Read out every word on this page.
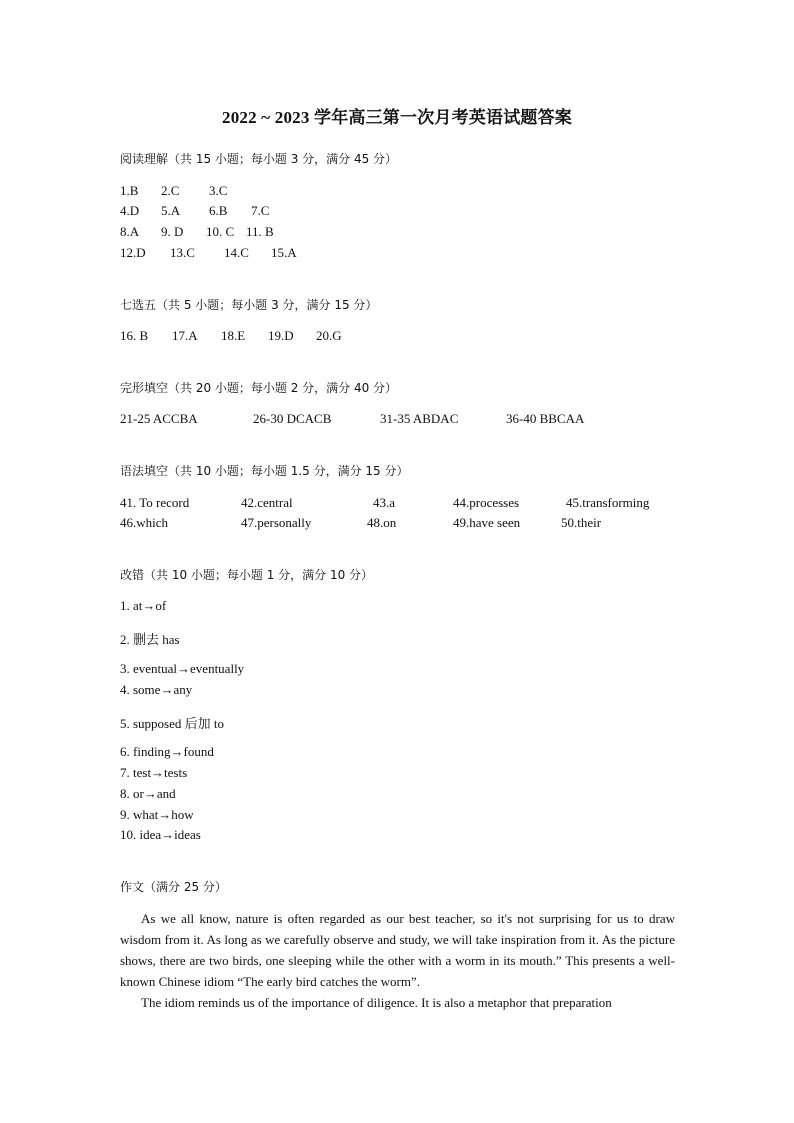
2022 ~ 2023 学年高三第一次月考英语试题答案
阅读理解（共 15 小题；每小题 3 分，满分 45 分）
1.B 2.C 3.C
4.D 5.A 6.B 7.C
8.A 9. D 10. C 11. B
12.D 13.C 14.C 15.A
七选五（共 5 小题；每小题 3 分，满分 15 分）
16. B 17.A 18.E 19.D 20.G
完形填空（共 20 小题；每小题 2 分，满分 40 分）
21-25 ACCBA	26-30 DCACB	31-35 ABDAC	36-40 BBCAA
语法填空（共 10 小题；每小题 1.5 分，满分 15 分）
41. To record	42.central	43.a	44.processes	45.transforming
46.which	47.personally	48.on	49.have seen	50.their
改错（共 10 小题；每小题 1 分，满分 10 分）
1. at→of
2. 删去 has
3. eventual→eventually
4. some→any
5. supposed 后加 to
6. finding→found
7. test→tests
8. or→and
9. what→how
10. idea→ideas
作文（满分 25 分）

As we all know, nature is often regarded as our best teacher, so it's not surprising for us to draw wisdom from it. As long as we carefully observe and study, we will take inspiration from it. As the picture shows, there are two birds, one sleeping while the other with a worm in its mouth.” This presents a well-known Chinese idiom “The early bird catches the worm”.

The idiom reminds us of the importance of diligence. It is also a metaphor that preparation
